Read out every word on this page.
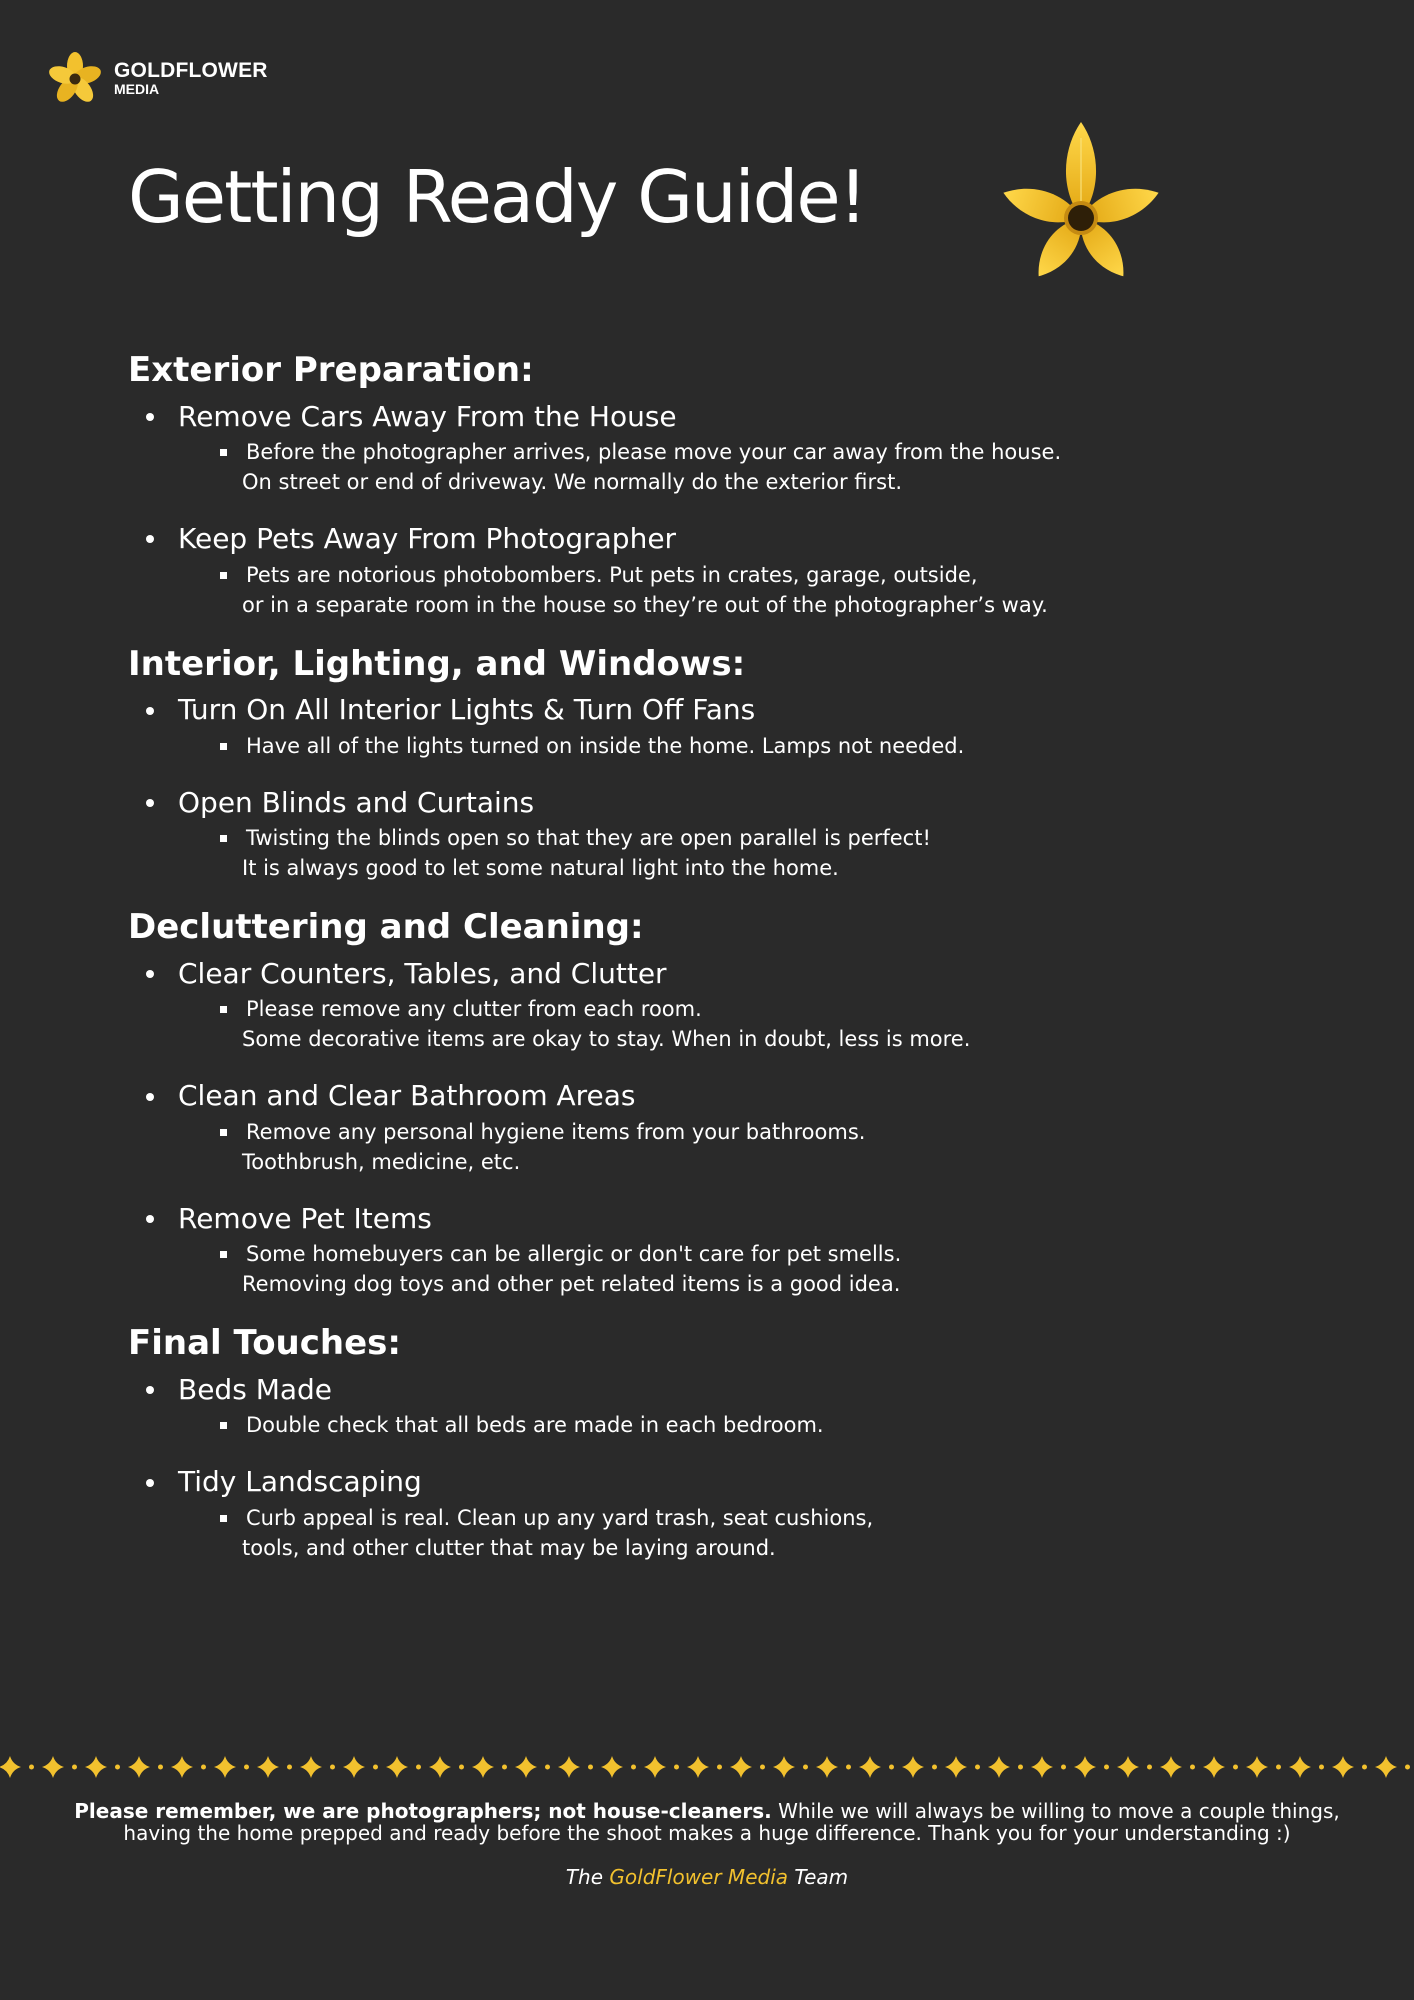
GOLDFLOWER
MEDIA
Getting Ready Guide!
Exterior Preparation:
Remove Cars Away From the House
Before the photographer arrives, please move your car away from the house.
On street or end of driveway. We normally do the exterior first.
Keep Pets Away From Photographer
Pets are notorious photobombers. Put pets in crates, garage, outside,
or in a separate room in the house so they’re out of the photographer’s way.
Interior, Lighting, and Windows:
Turn On All Interior Lights & Turn Off Fans
Have all of the lights turned on inside the home. Lamps not needed.
Open Blinds and Curtains
Twisting the blinds open so that they are open parallel is perfect!
It is always good to let some natural light into the home.
Decluttering and Cleaning:
Clear Counters, Tables, and Clutter
Please remove any clutter from each room.
Some decorative items are okay to stay. When in doubt, less is more.
Clean and Clear Bathroom Areas
Remove any personal hygiene items from your bathrooms.
Toothbrush, medicine, etc.
Remove Pet Items
Some homebuyers can be allergic or don't care for pet smells.
Removing dog toys and other pet related items is a good idea.
Final Touches:
Beds Made
Double check that all beds are made in each bedroom.
Tidy Landscaping
Curb appeal is real. Clean up any yard trash, seat cushions,
tools, and other clutter that may be laying around.
Please remember, we are photographers; not house-cleaners. While we will always be willing to move a couple things,
having the home prepped and ready before the shoot makes a huge difference. Thank you for your understanding :)
The GoldFlower Media Team
